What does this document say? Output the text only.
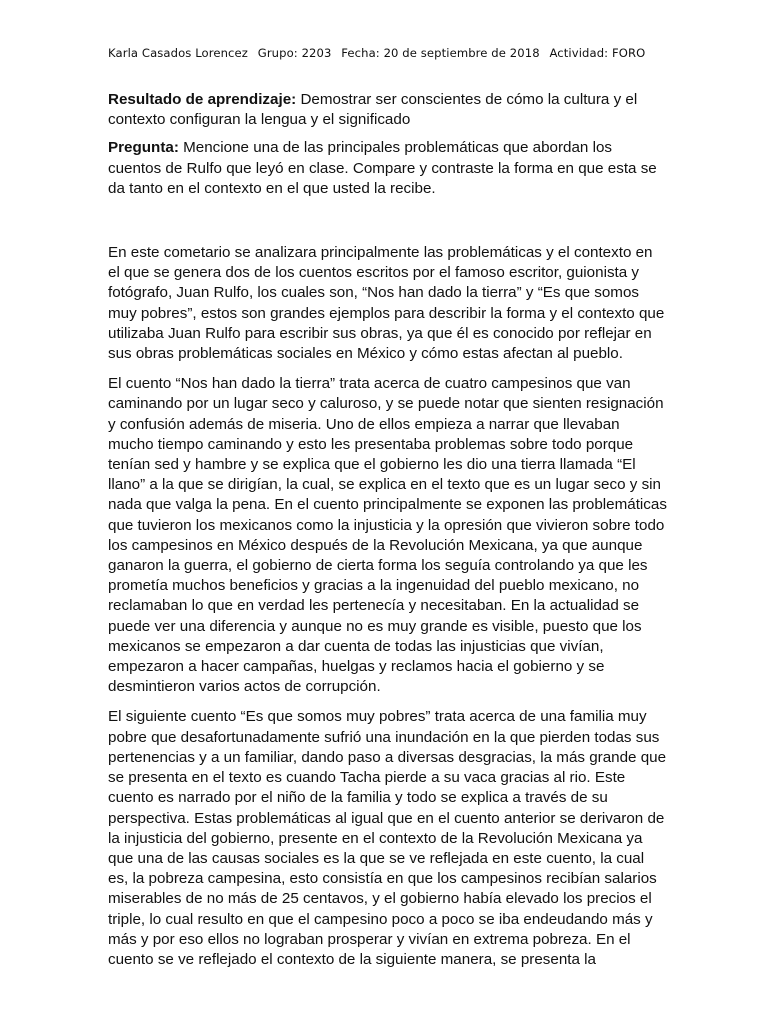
Karla Casados Lorencez Grupo: 2203 Fecha: 20 de septiembre de 2018 Actividad: FORO

Resultado de aprendizaje: Demostrar ser conscientes de cómo la cultura y el
contexto configuran la lengua y el significado

Pregunta: Mencione una de las principales problemáticas que abordan los
cuentos de Rulfo que leyó en clase. Compare y contraste la forma en que esta se
da tanto en el contexto en el que usted la recibe.

En este cometario se analizara principalmente las problemáticas y el contexto en
el que se genera dos de los cuentos escritos por el famoso escritor, guionista y
fotógrafo, Juan Rulfo, los cuales son, “Nos han dado la tierra” y “Es que somos
muy pobres”, estos son grandes ejemplos para describir la forma y el contexto que
utilizaba Juan Rulfo para escribir sus obras, ya que él es conocido por reflejar en
sus obras problemáticas sociales en México y cómo estas afectan al pueblo.

El cuento “Nos han dado la tierra” trata acerca de cuatro campesinos que van
caminando por un lugar seco y caluroso, y se puede notar que sienten resignación
y confusión además de miseria. Uno de ellos empieza a narrar que llevaban
mucho tiempo caminando y esto les presentaba problemas sobre todo porque
tenían sed y hambre y se explica que el gobierno les dio una tierra llamada “El
llano” a la que se dirigían, la cual, se explica en el texto que es un lugar seco y sin
nada que valga la pena. En el cuento principalmente se exponen las problemáticas
que tuvieron los mexicanos como la injusticia y la opresión que vivieron sobre todo
los campesinos en México después de la Revolución Mexicana, ya que aunque
ganaron la guerra, el gobierno de cierta forma los seguía controlando ya que les
prometía muchos beneficios y gracias a la ingenuidad del pueblo mexicano, no
reclamaban lo que en verdad les pertenecía y necesitaban. En la actualidad se
puede ver una diferencia y aunque no es muy grande es visible, puesto que los
mexicanos se empezaron a dar cuenta de todas las injusticias que vivían,
empezaron a hacer campañas, huelgas y reclamos hacia el gobierno y se
desmintieron varios actos de corrupción.

El siguiente cuento “Es que somos muy pobres” trata acerca de una familia muy
pobre que desafortunadamente sufrió una inundación en la que pierden todas sus
pertenencias y a un familiar, dando paso a diversas desgracias, la más grande que
se presenta en el texto es cuando Tacha pierde a su vaca gracias al rio. Este
cuento es narrado por el niño de la familia y todo se explica a través de su
perspectiva. Estas problemáticas al igual que en el cuento anterior se derivaron de
la injusticia del gobierno, presente en el contexto de la Revolución Mexicana ya
que una de las causas sociales es la que se ve reflejada en este cuento, la cual
es, la pobreza campesina, esto consistía en que los campesinos recibían salarios
miserables de no más de 25 centavos, y el gobierno había elevado los precios el
triple, lo cual resulto en que el campesino poco a poco se iba endeudando más y
más y por eso ellos no lograban prosperar y vivían en extrema pobreza. En el
cuento se ve reflejado el contexto de la siguiente manera, se presenta la
